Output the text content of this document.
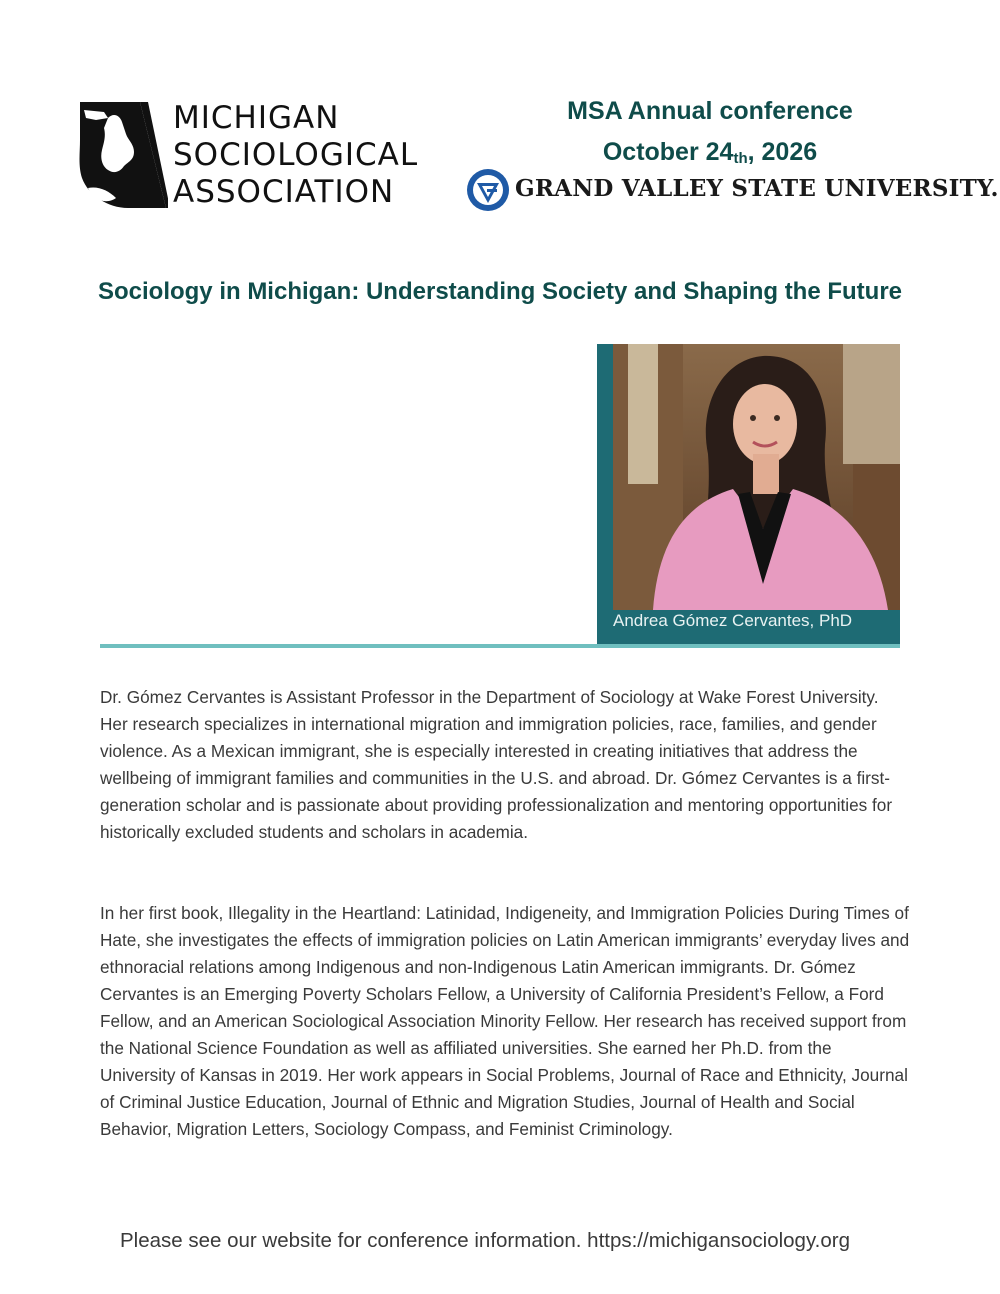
MICHIGAN
SOCIOLOGICAL
ASSOCIATION
MSA Annual conference
October $24_{th}$, 2026
GRAND VALLEY STATE UNIVERSITY.
Sociology in Michigan: Understanding Society and Shaping the Future
Andrea Gómez Cervantes, PhD

Dr. Gómez Cervantes is Assistant Professor in the Department of Sociology at Wake Forest University. Her research specializes in international migration and immigration policies, race, families, and gender violence. As a Mexican immigrant, she is especially interested in creating initiatives that address the wellbeing of immigrant families and communities in the U.S. and abroad. Dr. Gómez Cervantes is a first-generation scholar and is passionate about providing professionalization and mentoring opportunities for historically excluded students and scholars in academia.

In her first book, Illegality in the Heartland: Latinidad, Indigeneity, and Immigration Policies During Times of Hate, she investigates the effects of immigration policies on Latin American immigrants’ everyday lives and ethnoracial relations among Indigenous and non-Indigenous Latin American immigrants. Dr. Gómez Cervantes is an Emerging Poverty Scholars Fellow, a University of California President’s Fellow, a Ford Fellow, and an American Sociological Association Minority Fellow. Her research has received support from the National Science Foundation as well as affiliated universities. She earned her Ph.D. from the University of Kansas in 2019. Her work appears in Social Problems, Journal of Race and Ethnicity, Journal of Criminal Justice Education, Journal of Ethnic and Migration Studies, Journal of Health and Social Behavior, Migration Letters, Sociology Compass, and Feminist Criminology.

Please see our website for conference information. https://michigansociology.org
